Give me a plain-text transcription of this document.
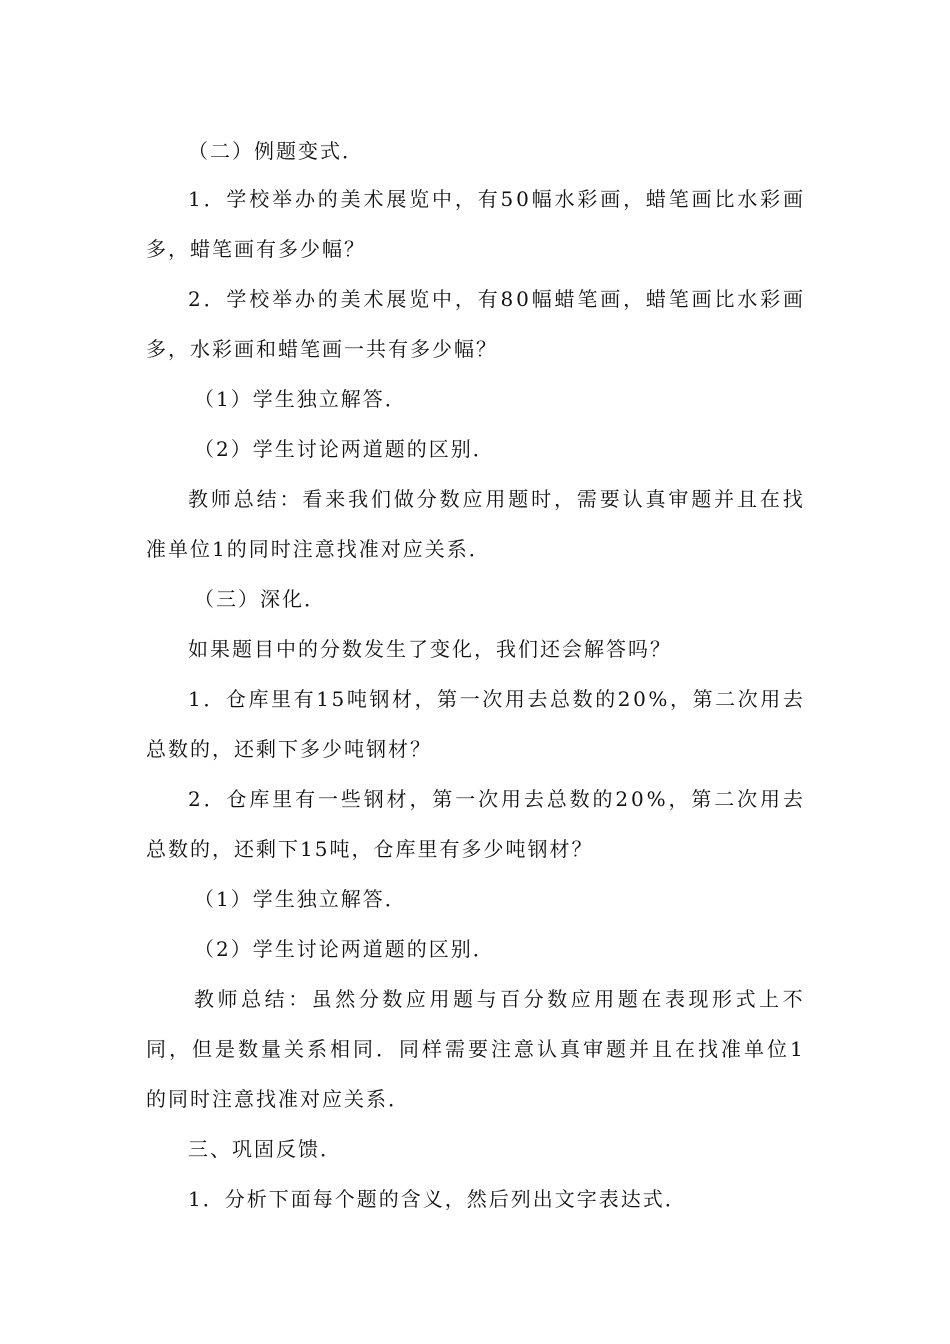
（二）例题变式．
1 ． 学 校 举 办 的 美 术 展 览 中 ， 有 5 0 幅 水 彩 画 ， 蜡 笔 画 比 水 彩 画
多，蜡笔画有多少幅？
2 ． 学 校 举 办 的 美 术 展 览 中 ， 有 8 0 幅 蜡 笔 画 ， 蜡 笔 画 比 水 彩 画
多，水彩画和蜡笔画一共有多少幅？
（1）学生独立解答．
（2）学生讨论两道题的区别．
教 师 总 结 ： 看 来 我 们 做 分 数 应 用 题 时 ， 需 要 认 真 审 题 并 且 在 找
准单位1的同时注意找准对应关系．
（三）深化．
如果题目中的分数发生了变化，我们还会解答吗？
1 ． 仓 库 里 有 1 5 吨 钢 材 ， 第 一 次 用 去 总 数 的 2 0 % ， 第 二 次 用 去
总数的，还剩下多少吨钢材？
2 ． 仓 库 里 有 一 些 钢 材 ， 第 一 次 用 去 总 数 的 2 0 % ， 第 二 次 用 去
总数的，还剩下15吨，仓库里有多少吨钢材？
（1）学生独立解答．
（2）学生讨论两道题的区别．
教 师 总 结 ： 虽 然 分 数 应 用 题 与 百 分 数 应 用 题 在 表 现 形 式 上 不
同 ， 但 是 数 量 关 系 相 同 ． 同 样 需 要 注 意 认 真 审 题 并 且 在 找 准 单 位 1
的同时注意找准对应关系．
三、巩固反馈．
1．分析下面每个题的含义，然后列出文字表达式．
